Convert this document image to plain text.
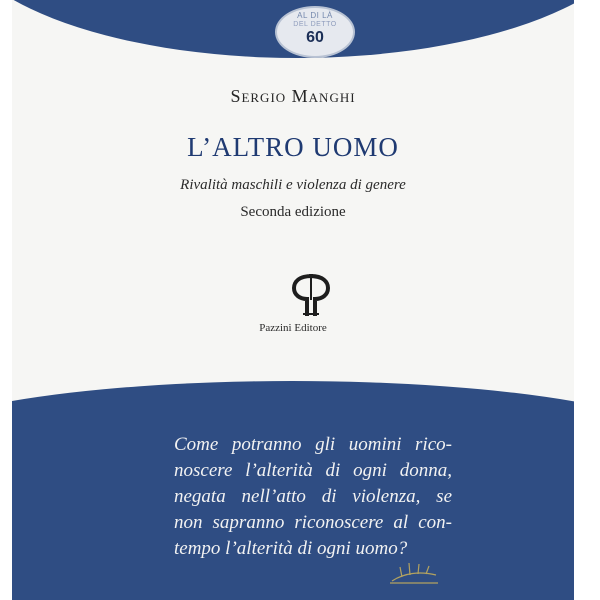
AL DI LÀ
DEL DETTO
60
Sergio Manghi
L’ALTRO UOMO
Rivalità maschili e violenza di genere
Seconda edizione
Pazzini Editore
Come potranno gli uomini rico-
noscere l’alterità di ogni donna,
negata nell’atto di violenza, se
non sapranno riconoscere al con-
tempo l’alterità di ogni uomo?
